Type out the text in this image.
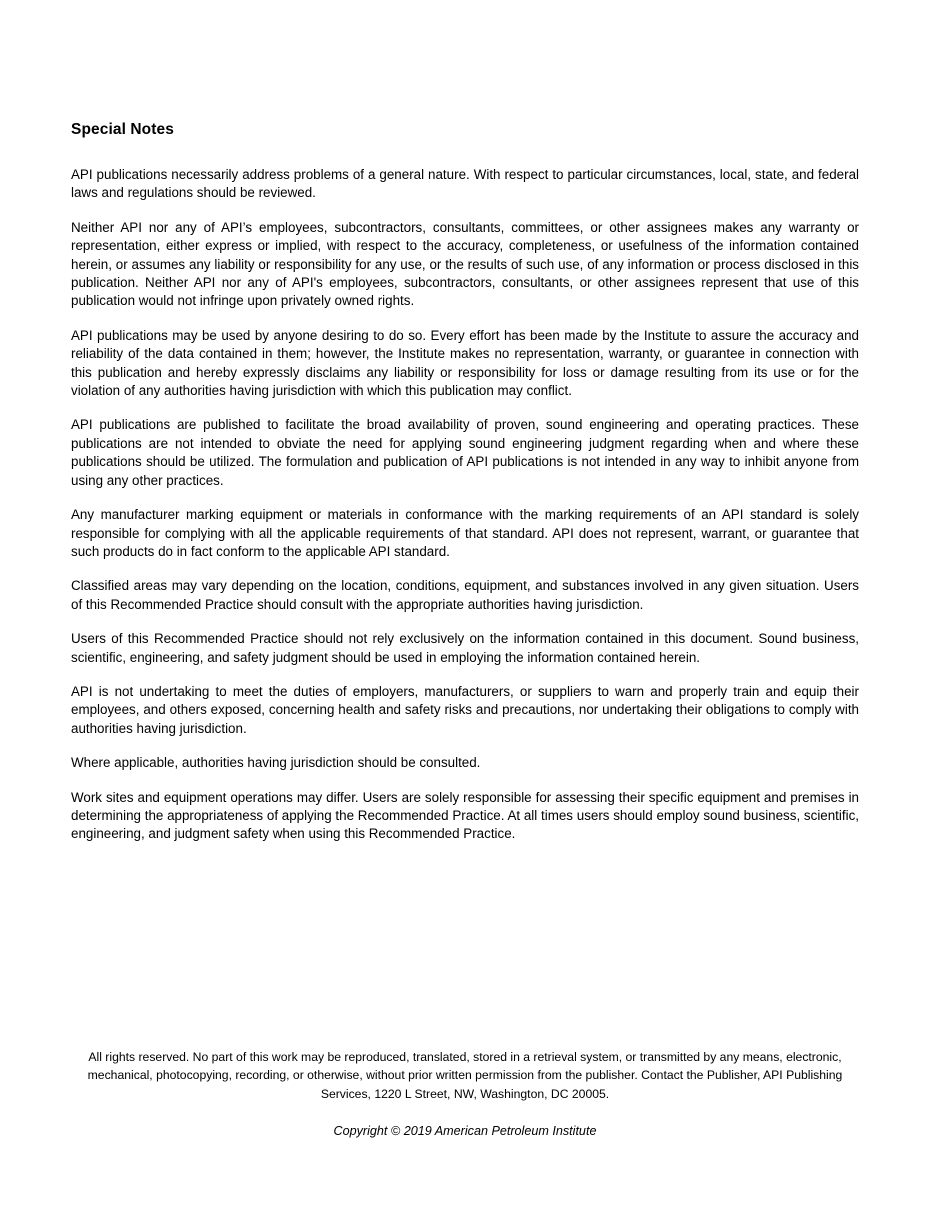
Special Notes

API publications necessarily address problems of a general nature. With respect to particular circumstances, local, state, and federal laws and regulations should be reviewed.

Neither API nor any of API’s employees, subcontractors, consultants, committees, or other assignees makes any warranty or representation, either express or implied, with respect to the accuracy, completeness, or usefulness of the information contained herein, or assumes any liability or responsibility for any use, or the results of such use, of any information or process disclosed in this publication. Neither API nor any of API's employees, subcontractors, consultants, or other assignees represent that use of this publication would not infringe upon privately owned rights.

API publications may be used by anyone desiring to do so. Every effort has been made by the Institute to assure the accuracy and reliability of the data contained in them; however, the Institute makes no representation, warranty, or guarantee in connection with this publication and hereby expressly disclaims any liability or responsibility for loss or damage resulting from its use or for the violation of any authorities having jurisdiction with which this publication may conflict.

API publications are published to facilitate the broad availability of proven, sound engineering and operating practices. These publications are not intended to obviate the need for applying sound engineering judgment regarding when and where these publications should be utilized. The formulation and publication of API publications is not intended in any way to inhibit anyone from using any other practices.

Any manufacturer marking equipment or materials in conformance with the marking requirements of an API standard is solely responsible for complying with all the applicable requirements of that standard. API does not represent, warrant, or guarantee that such products do in fact conform to the applicable API standard.

Classified areas may vary depending on the location, conditions, equipment, and substances involved in any given situation. Users of this Recommended Practice should consult with the appropriate authorities having jurisdiction.

Users of this Recommended Practice should not rely exclusively on the information contained in this document. Sound business, scientific, engineering, and safety judgment should be used in employing the information contained herein.

API is not undertaking to meet the duties of employers, manufacturers, or suppliers to warn and properly train and equip their employees, and others exposed, concerning health and safety risks and precautions, nor undertaking their obligations to comply with authorities having jurisdiction.

Where applicable, authorities having jurisdiction should be consulted.

Work sites and equipment operations may differ. Users are solely responsible for assessing their specific equipment and premises in determining the appropriateness of applying the Recommended Practice. At all times users should employ sound business, scientific, engineering, and judgment safety when using this Recommended Practice.

All rights reserved. No part of this work may be reproduced, translated, stored in a retrieval system, or transmitted by any means, electronic, mechanical, photocopying, recording, or otherwise, without prior written permission from the publisher. Contact the Publisher, API Publishing Services, 1220 L Street, NW, Washington, DC 20005.

Copyright © 2019 American Petroleum Institute
